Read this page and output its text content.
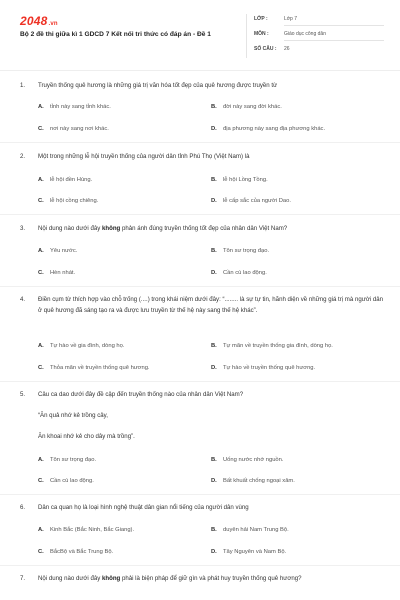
2048.vn
Bộ 2 đề thi giữa kì 1 GDCD 7 Kết nối tri thức có đáp án - Đề 1
LỚP :	Lớp 7
MÔN :	Giáo dục công dân
SỐ CÂU : 26
1. Truyền thống quê hương là những giá trị văn hóa tốt đẹp của quê hương được truyền từ
A. tỉnh này sang tỉnh khác.	B. đời này sang đời khác.
C. nơi này sang nơi khác.	D. địa phương này sang địa phương khác.
2. Một trong những lễ hội truyền thống của người dân tỉnh Phú Thọ (Việt Nam) là
A. lễ hội đền Hùng.	B. lễ hội Lồng Tồng.
C. lễ hội cồng chiêng.	D. lễ cấp sắc của người Dao.
3. Nội dung nào dưới đây không phản ánh đúng truyền thống tốt đẹp của nhân dân Việt Nam?
A. Yêu nước.	B. Tôn sư trọng đạo.
C. Hèn nhát.	D. Cần cù lao động.
4. Điền cụm từ thích hợp vào chỗ trống (....) trong khái niệm dưới đây: “........ là sự tự tin, hãnh diện về những giá trị mà người dân ở quê hương đã sáng tạo ra và được lưu truyền từ thế hệ này sang thế hệ khác”.
A. Tự hào về gia đình, dòng họ.	B. Tự mãn về truyền thống gia đình, dòng họ.
C. Thỏa mãn về truyền thống quê hương.	D. Tự hào về truyền thống quê hương.
5. Câu ca dao dưới đây đề cập đến truyền thống nào của nhân dân Việt Nam?
“Ăn quả nhớ kẻ trồng cây,
Ăn khoai nhớ kẻ cho dây mà trồng”.
A. Tôn sư trọng đạo.	B. Uống nước nhớ nguồn.
C. Cần cù lao động.	D. Bất khuất chống ngoại xâm.
6. Dân ca quan họ là loại hình nghệ thuật dân gian nổi tiếng của người dân vùng
A. Kinh Bắc (Bắc Ninh, Bắc Giang).	B. duyên hải Nam Trung Bộ.
C. BắcBộ và Bắc Trung Bộ.	D. Tây Nguyên và Nam Bộ.
7. Nội dung nào dưới đây không phải là biện pháp để giữ gìn và phát huy truyền thống quê hương?
